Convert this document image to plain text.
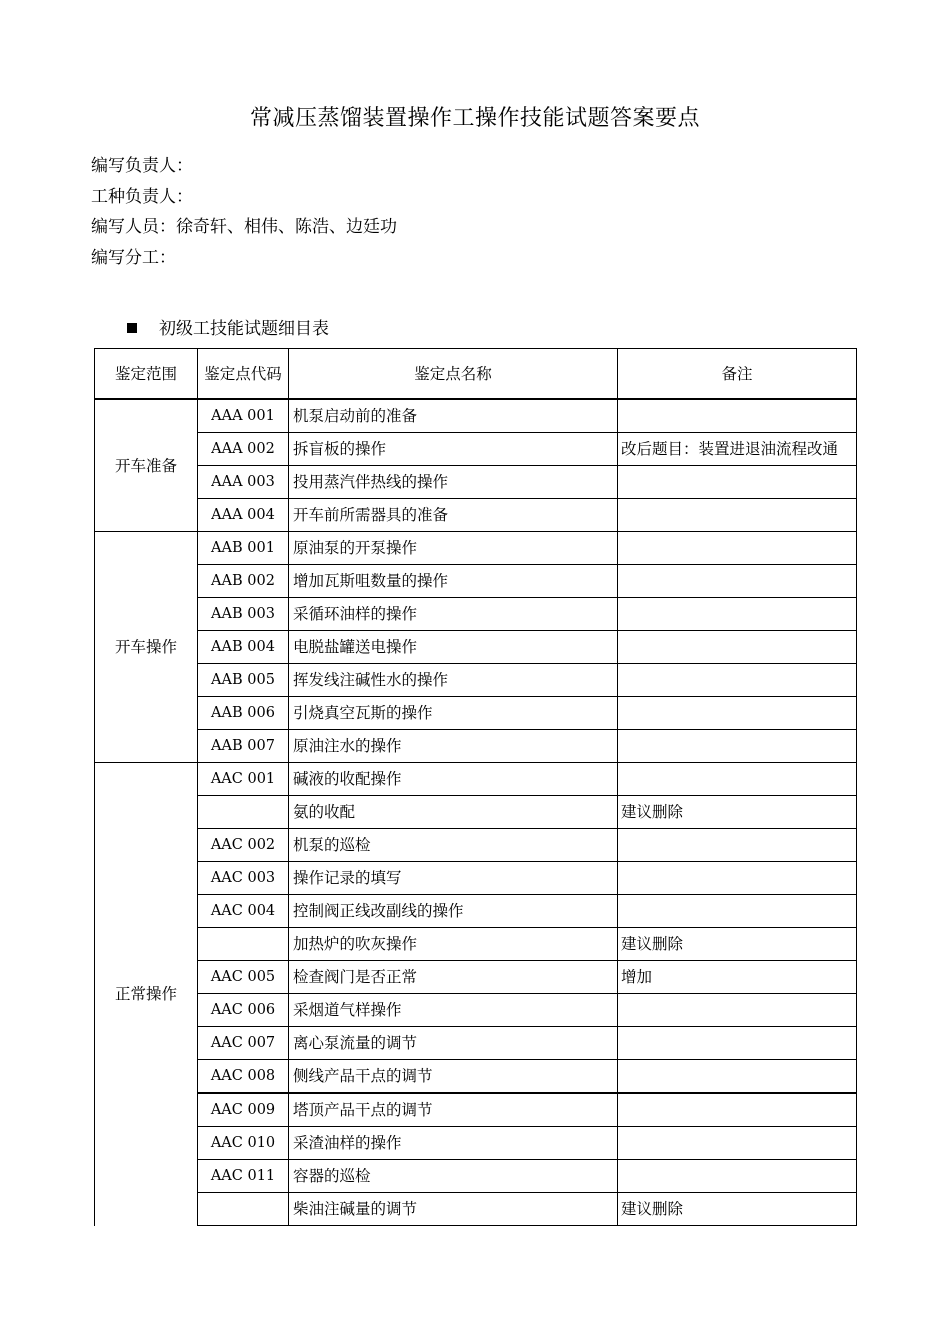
常减压蒸馏装置操作工操作技能试题答案要点
编写负责人：
工种负责人：
编写人员：徐奇轩、相伟、陈浩、边廷功
编写分工：
初级工技能试题细目表
鉴定范围	鉴定点代码	鉴定点名称	备注
开车准备	AAA 001	机泵启动前的准备	
	AAA 002	拆盲板的操作	改后题目：装置进退油流程改通
	AAA 003	投用蒸汽伴热线的操作	
	AAA 004	开车前所需器具的准备	
开车操作	AAB 001	原油泵的开泵操作	
	AAB 002	增加瓦斯咀数量的操作	
	AAB 003	采循环油样的操作	
	AAB 004	电脱盐罐送电操作	
	AAB 005	挥发线注碱性水的操作	
	AAB 006	引烧真空瓦斯的操作	
	AAB 007	原油注水的操作	
正常操作	AAC 001	碱液的收配操作	
		氨的收配	建议删除
	AAC 002	机泵的巡检	
	AAC 003	操作记录的填写	
	AAC 004	控制阀正线改副线的操作	
		加热炉的吹灰操作	建议删除
	AAC 005	检查阀门是否正常	增加
	AAC 006	采烟道气样操作	
	AAC 007	离心泵流量的调节	
	AAC 008	侧线产品干点的调节	
	AAC 009	塔顶产品干点的调节	
	AAC 010	采渣油样的操作	
	AAC 011	容器的巡检	
		柴油注碱量的调节	建议删除
